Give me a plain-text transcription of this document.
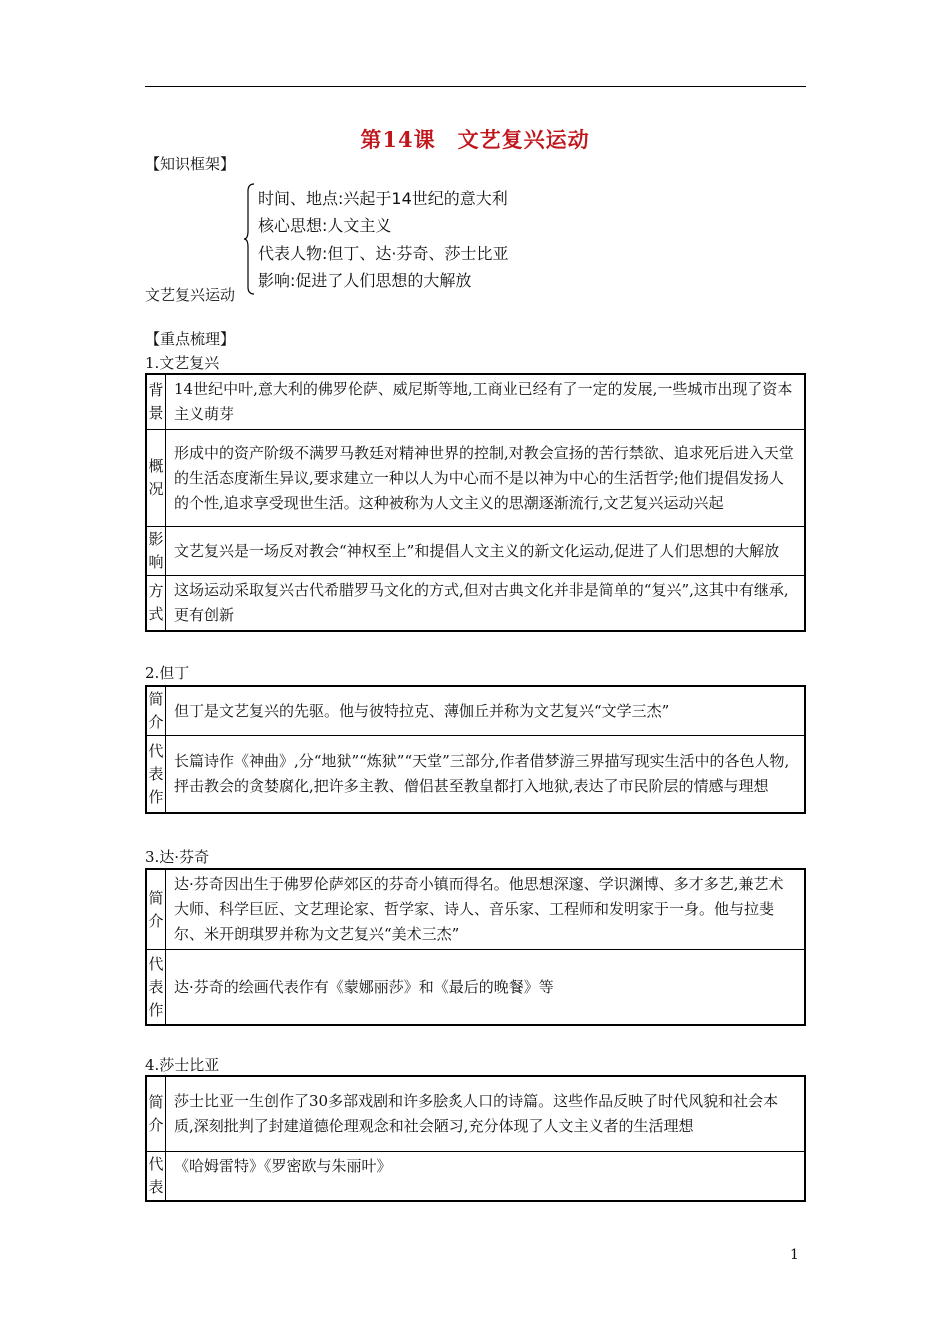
第14课　文艺复兴运动
【知识框架】
时间、地点:兴起于14世纪的意大利
核心思想:人文主义
代表人物:但丁、达·芬奇、莎士比亚
影响:促进了人们思想的大解放
文艺复兴运动
【重点梳理】
1.文艺复兴
背景	14世纪中叶,意大利的佛罗伦萨、威尼斯等地,工商业已经有了一定的发展,一些城市出现了资本主义萌芽
概况	形成中的资产阶级不满罗马教廷对精神世界的控制,对教会宣扬的苦行禁欲、追求死后进入天堂的生活态度渐生异议,要求建立一种以人为中心而不是以神为中心的生活哲学;他们提倡发扬人的个性,追求享受现世生活。这种被称为人文主义的思潮逐渐流行,文艺复兴运动兴起
影响	文艺复兴是一场反对教会“神权至上”和提倡人文主义的新文化运动,促进了人们思想的大解放
方式	这场运动采取复兴古代希腊罗马文化的方式,但对古典文化并非是简单的“复兴”,这其中有继承,更有创新
2.但丁
简介	但丁是文艺复兴的先驱。他与彼特拉克、薄伽丘并称为文艺复兴“文学三杰”
代表作	长篇诗作《神曲》,分“地狱”“炼狱”“天堂”三部分,作者借梦游三界描写现实生活中的各色人物,抨击教会的贪婪腐化,把许多主教、僧侣甚至教皇都打入地狱,表达了市民阶层的情感与理想
3.达·芬奇
简介	达·芬奇因出生于佛罗伦萨郊区的芬奇小镇而得名。他思想深邃、学识渊博、多才多艺,兼艺术大师、科学巨匠、文艺理论家、哲学家、诗人、音乐家、工程师和发明家于一身。他与拉斐尔、米开朗琪罗并称为文艺复兴“美术三杰”
代表作	达·芬奇的绘画代表作有《蒙娜丽莎》和《最后的晚餐》等
4.莎士比亚
简介	莎士比亚一生创作了30多部戏剧和许多脍炙人口的诗篇。这些作品反映了时代风貌和社会本质,深刻批判了封建道德伦理观念和社会陋习,充分体现了人文主义者的生活理想
代表	《哈姆雷特》《罗密欧与朱丽叶》
1
